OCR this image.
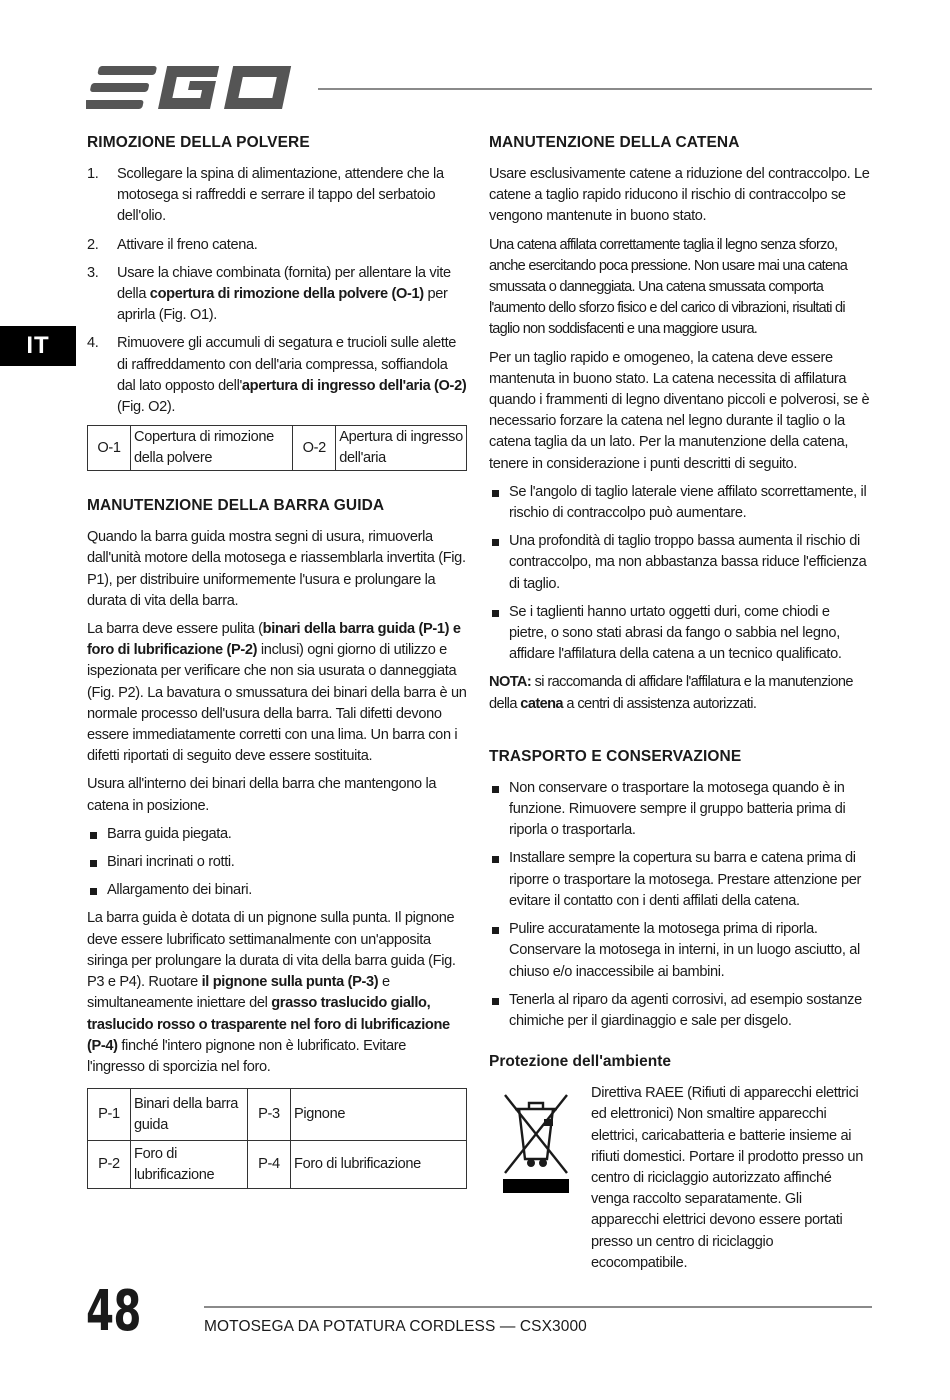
IT
RIMOZIONE DELLA POLVERE
1. Scollegare la spina di alimentazione, attendere che la motosega si raffreddi e serrare il tappo del serbatoio dell'olio.
2. Attivare il freno catena.
3. Usare la chiave combinata (fornita) per allentare la vite della copertura di rimozione della polvere (O-1) per aprirla (Fig. O1).
4. Rimuovere gli accumuli di segatura e trucioli sulle alette di raffreddamento con dell'aria compressa, soffiandola dal lato opposto dell'apertura di ingresso dell'aria (O-2) (Fig. O2).
O-1	Copertura di rimozione della polvere	O-2	Apertura di ingresso dell'aria
MANUTENZIONE DELLA BARRA GUIDA

Quando la barra guida mostra segni di usura, rimuoverla dall'unità motore della motosega e riassemblarla invertita (Fig. P1), per distribuire uniformemente l'usura e prolungare la durata di vita della barra.

La barra deve essere pulita (binari della barra guida (P-1) e foro di lubrificazione (P-2) inclusi) ogni giorno di utilizzo e ispezionata per verificare che non sia usurata o danneggiata (Fig. P2). La bavatura o smussatura dei binari della barra è un normale processo dell'usura della barra. Tali difetti devono essere immediatamente corretti con una lima. Un barra con i difetti riportati di seguito deve essere sostituita.

Usura all'interno dei binari della barra che mantengono la catena in posizione.

Barra guida piegata.
Binari incrinati o rotti.
Allargamento dei binari.

La barra guida è dotata di un pignone sulla punta. Il pignone deve essere lubrificato settimanalmente con un'apposita siringa per prolungare la durata di vita della barra guida (Fig. P3 e P4). Ruotare il pignone sulla punta (P-3) e simultaneamente iniettare del grasso traslucido giallo, traslucido rosso o trasparente nel foro di lubrificazione (P-4) finché l'intero pignone non è lubrificato. Evitare l'ingresso di sporcizia nel foro.

P-1	Binari della barra guida	P-3	Pignone
P-2	Foro di lubrificazione	P-4	Foro di lubrificazione
MANUTENZIONE DELLA CATENA

Usare esclusivamente catene a riduzione del contraccolpo. Le catene a taglio rapido riducono il rischio di contraccolpo se vengono mantenute in buono stato.

Una catena affilata correttamente taglia il legno senza sforzo, anche esercitando poca pressione. Non usare mai una catena smussata o danneggiata. Una catena smussata comporta l'aumento dello sforzo fisico e del carico di vibrazioni, risultati di taglio non soddisfacenti e una maggiore usura.

Per un taglio rapido e omogeneo, la catena deve essere mantenuta in buono stato. La catena necessita di affilatura quando i frammenti di legno diventano piccoli e polverosi, se è necessario forzare la catena nel legno durante il taglio o la catena taglia da un lato. Per la manutenzione della catena, tenere in considerazione i punti descritti di seguito.

Se l'angolo di taglio laterale viene affilato scorrettamente, il rischio di contraccolpo può aumentare.
Una profondità di taglio troppo bassa aumenta il rischio di contraccolpo, ma non abbastanza bassa riduce l'efficienza di taglio.
Se i taglienti hanno urtato oggetti duri, come chiodi e pietre, o sono stati abrasi da fango o sabbia nel legno, affidare l'affilatura della catena a un tecnico qualificato.

NOTA: si raccomanda di affidare l'affilatura e la manutenzione della catena a centri di assistenza autorizzati.

TRASPORTO E CONSERVAZIONE
Non conservare o trasportare la motosega quando è in funzione. Rimuovere sempre il gruppo batteria prima di riporla o trasportarla.
Installare sempre la copertura su barra e catena prima di riporre o trasportare la motosega. Prestare attenzione per evitare il contatto con i denti affilati della catena.
Pulire accuratamente la motosega prima di riporla. Conservare la motosega in interni, in un luogo asciutto, al chiuso e/o inaccessibile ai bambini.
Tenerla al riparo da agenti corrosivi, ad esempio sostanze chimiche per il giardinaggio e sale per disgelo.
Protezione dell'ambiente
Direttiva RAEE (Rifiuti di apparecchi elettrici ed elettronici) Non smaltire apparecchi elettrici, caricabatteria e batterie insieme ai rifiuti domestici. Portare il prodotto presso un centro di riciclaggio autorizzato affinché venga raccolto separatamente. Gli apparecchi elettrici devono essere portati presso un centro di riciclaggio ecocompatibile.
48	MOTOSEGA DA POTATURA CORDLESS — CSX3000
